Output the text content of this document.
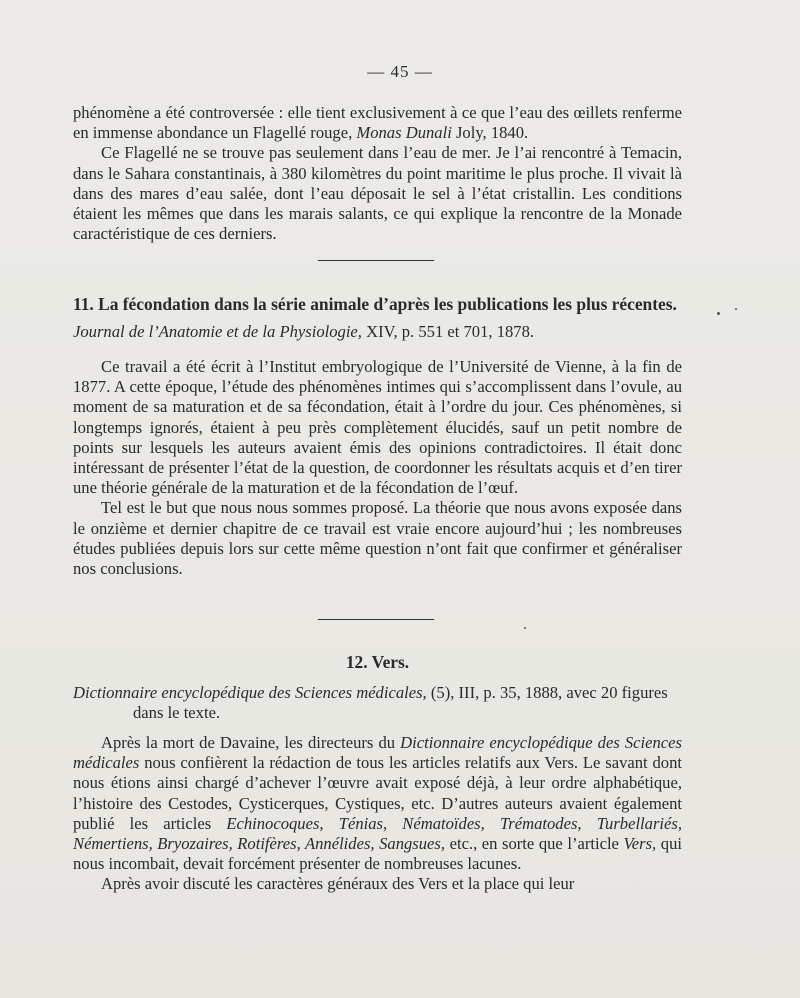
— 45 —

phénomène a été controversée : elle tient exclusivement à ce que l’eau des œillets renferme en immense abondance un Flagellé rouge, Monas Dunali Joly, 1840.

Ce Flagellé ne se trouve pas seulement dans l’eau de mer. Je l’ai rencontré à Temacin, dans le Sahara constantinais, à 380 kilomètres du point maritime le plus proche. Il vivait là dans des mares d’eau salée, dont l’eau déposait le sel à l’état cristallin. Les conditions étaient les mêmes que dans les marais salants, ce qui explique la rencontre de la Monade caractéristique de ces derniers.

11. La fécondation dans la série animale d’après les publications les plus récentes.
Journal de l’Anatomie et de la Physiologie, XIV, p. 551 et 701, 1878.

Ce travail a été écrit à l’Institut embryologique de l’Université de Vienne, à la fin de 1877. A cette époque, l’étude des phénomènes intimes qui s’accomplissent dans l’ovule, au moment de sa maturation et de sa fécondation, était à l’ordre du jour. Ces phénomènes, si longtemps ignorés, étaient à peu près complètement élucidés, sauf un petit nombre de points sur lesquels les auteurs avaient émis des opinions contradictoires. Il était donc intéressant de présenter l’état de la question, de coordonner les résultats acquis et d’en tirer une théorie générale de la maturation et de la fécondation de l’œuf.

Tel est le but que nous nous sommes proposé. La théorie que nous avons exposée dans le onzième et dernier chapitre de ce travail est vraie encore aujourd’hui ; les nombreuses études publiées depuis lors sur cette même question n’ont fait que confirmer et généraliser nos conclusions.

12. Vers.
Dictionnaire encyclopédique des Sciences médicales, (5), III, p. 35, 1888, avec 20 figures
dans le texte.

Après la mort de Davaine, les directeurs du Dictionnaire encyclopédique des Sciences médicales nous confièrent la rédaction de tous les articles relatifs aux Vers. Le savant dont nous étions ainsi chargé d’achever l’œuvre avait exposé déjà, à leur ordre alphabétique, l’histoire des Cestodes, Cysticerques, Cystiques, etc. D’autres auteurs avaient également publié les articles Echinocoques, Ténias, Nématoïdes, Trématodes, Turbellariés, Némertiens, Bryozaires, Rotifères, Annélides, Sangsues, etc., en sorte que l’article Vers, qui nous incombait, devait forcément présenter de nombreuses lacunes.

Après avoir discuté les caractères généraux des Vers et la place qui leur
